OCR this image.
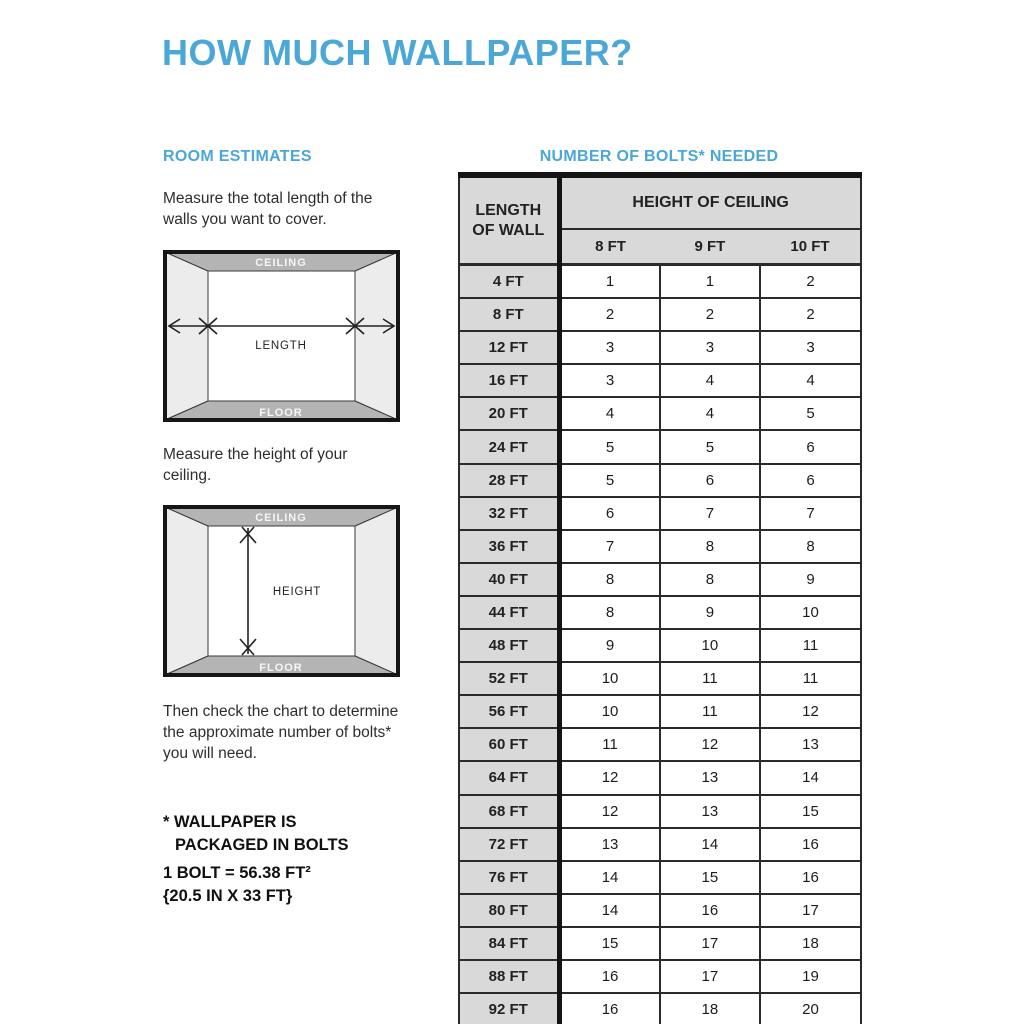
HOW MUCH WALLPAPER?
ROOM ESTIMATES	NUMBER OF BOLTS* NEEDED
Measure the total length of the walls you want to cover.
CEILING
FLOOR
LENGTH
Measure the height of your ceiling.
CEILING
FLOOR
HEIGHT
Then check the chart to determine the approximate number of bolts* you will need.
* WALLPAPER IS
PACKAGED IN BOLTS
1 BOLT = 56.38 FT²
{20.5 IN X 33 FT}
LENGTH OF WALL	HEIGHT OF CEILING		
	8 FT	9 FT	10 FT
4 FT	1	1	2
8 FT	2	2	2
12 FT	3	3	3
16 FT	3	4	4
20 FT	4	4	5
24 FT	5	5	6
28 FT	5	6	6
32 FT	6	7	7
36 FT	7	8	8
40 FT	8	8	9
44 FT	8	9	10
48 FT	9	10	11
52 FT	10	11	11
56 FT	10	11	12
60 FT	11	12	13
64 FT	12	13	14
68 FT	12	13	15
72 FT	13	14	16
76 FT	14	15	16
80 FT	14	16	17
84 FT	15	17	18
88 FT	16	17	19
92 FT	16	18	20
